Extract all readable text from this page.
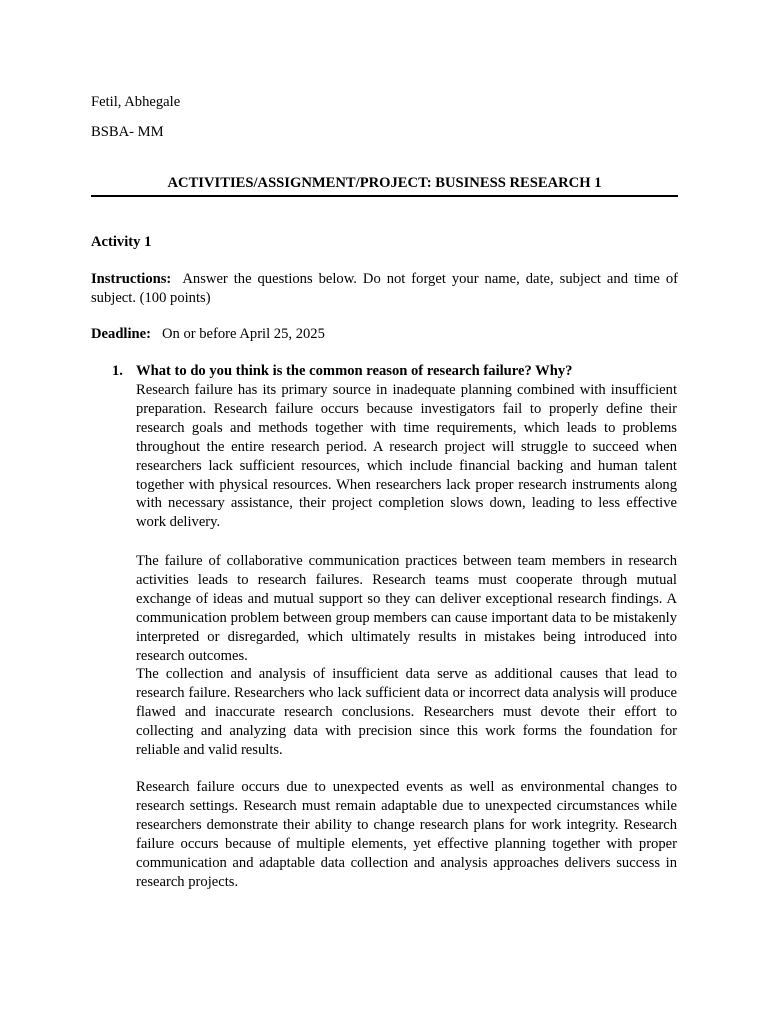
Fetil, Abhegale
BSBA- MM
ACTIVITIES/ASSIGNMENT/PROJECT: BUSINESS RESEARCH 1
Activity 1
Instructions: Answer the questions below. Do not forget your name, date, subject and time of subject. (100 points)
Deadline: On or before April 25, 2025
1. What to do you think is the common reason of research failure? Why?

Research failure has its primary source in inadequate planning combined with insufficient preparation. Research failure occurs because investigators fail to properly define their research goals and methods together with time requirements, which leads to problems throughout the entire research period. A research project will struggle to succeed when researchers lack sufficient resources, which include financial backing and human talent together with physical resources. When researchers lack proper research instruments along with necessary assistance, their project completion slows down, leading to less effective work delivery.

The failure of collaborative communication practices between team members in research activities leads to research failures. Research teams must cooperate through mutual exchange of ideas and mutual support so they can deliver exceptional research findings. A communication problem between group members can cause important data to be mistakenly interpreted or disregarded, which ultimately results in mistakes being introduced into research outcomes.

The collection and analysis of insufficient data serve as additional causes that lead to research failure. Researchers who lack sufficient data or incorrect data analysis will produce flawed and inaccurate research conclusions. Researchers must devote their effort to collecting and analyzing data with precision since this work forms the foundation for reliable and valid results.

Research failure occurs due to unexpected events as well as environmental changes to research settings. Research must remain adaptable due to unexpected circumstances while researchers demonstrate their ability to change research plans for work integrity. Research failure occurs because of multiple elements, yet effective planning together with proper communication and adaptable data collection and analysis approaches delivers success in research projects.
